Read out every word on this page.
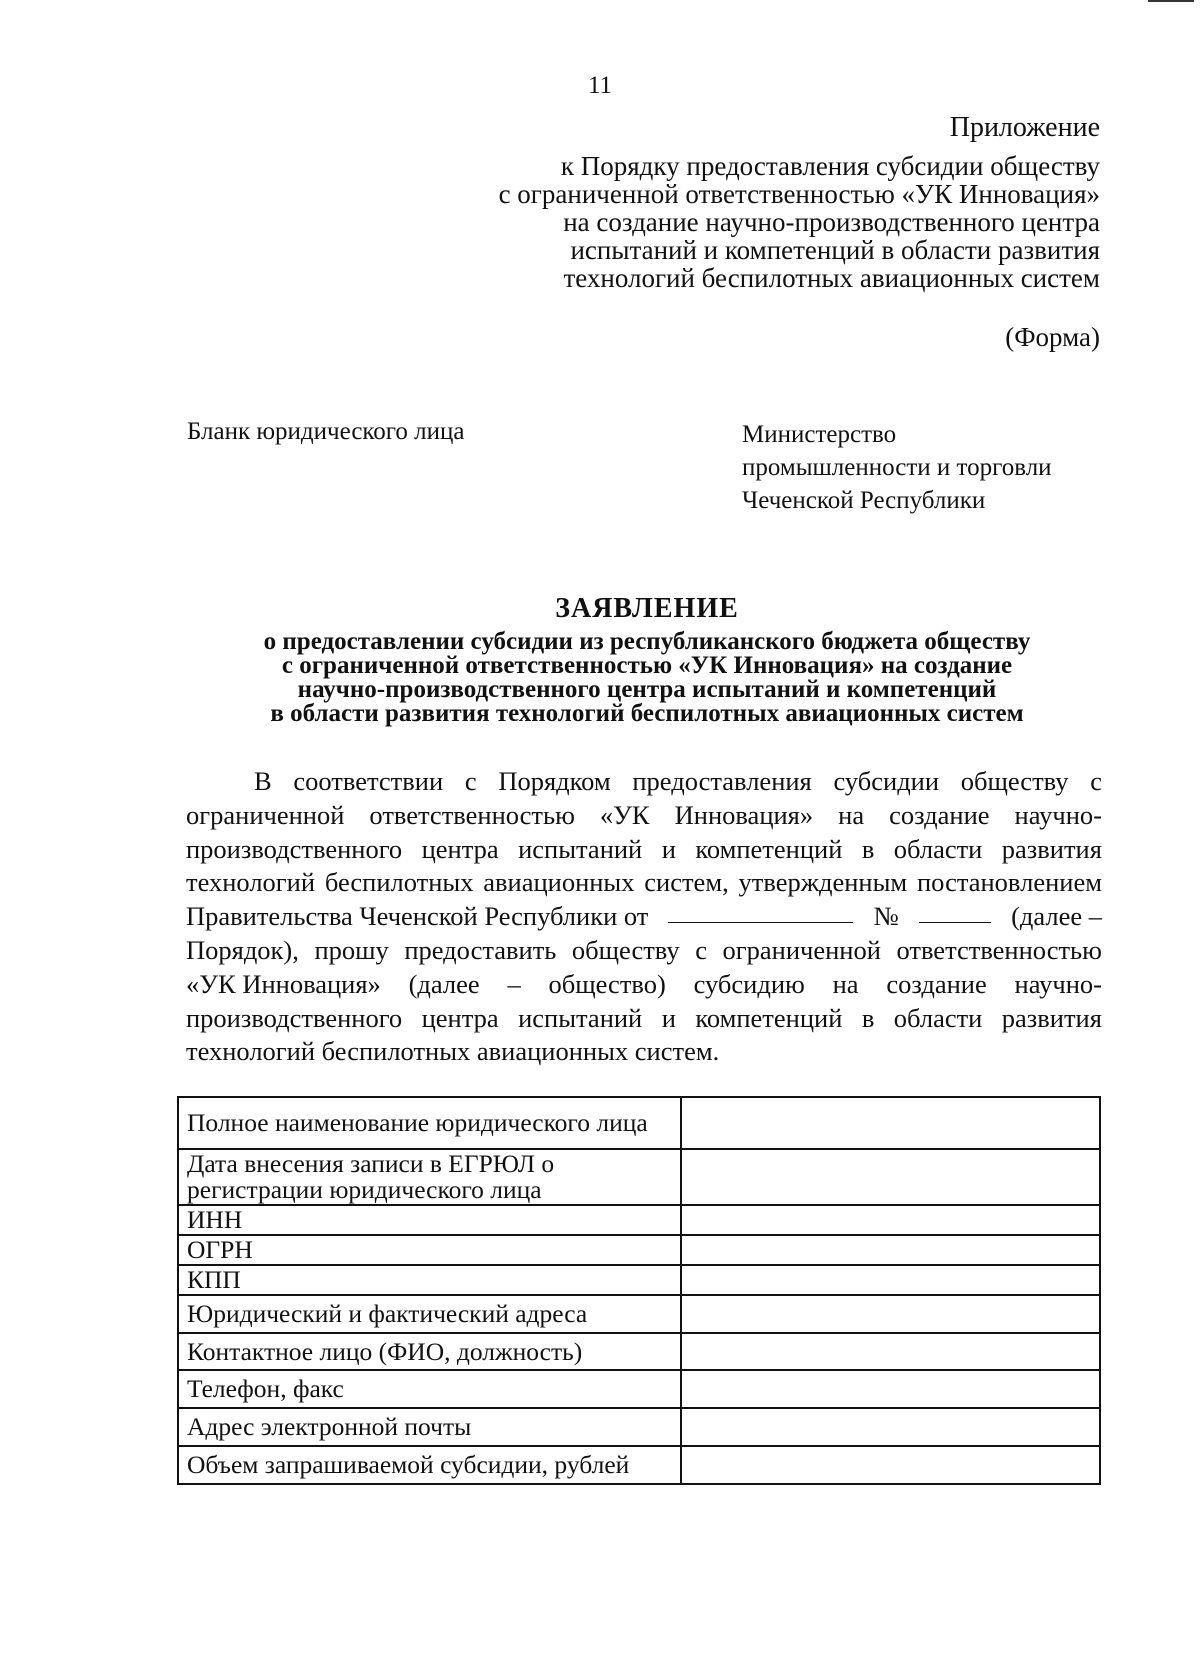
11
Приложение
к Порядку предоставления субсидии обществу
с ограниченной ответственностью «УК Инновация»
на создание научно-производственного центра
испытаний и компетенций в области развития
технологий беспилотных авиационных систем
(Форма)
Бланк юридического лица	Министерство
промышленности и торговли
Чеченской Республики
ЗАЯВЛЕНИЕ
о предоставлении субсидии из республиканского бюджета обществу
с ограниченной ответственностью «УК Инновация» на создание
научно-производственного центра испытаний и компетенций
в области развития технологий беспилотных авиационных систем
В соответствии с Порядком предоставления субсидии обществу с
ограниченной ответственностью «УК Инновация» на создание научно-
производственного центра испытаний и компетенций в области развития
технологий беспилотных авиационных систем, утвержденным постановлением
Правительства Чеченской Республики от	№	(далее –
Порядок), прошу предоставить обществу с ограниченной ответственностью
«УК Инновация» (далее – общество) субсидию на создание научно-
производственного центра испытаний и компетенций в области развития
технологий беспилотных авиационных систем.
Полное наименование юридического лица	
Дата внесения записи в ЕГРЮЛ о регистрации юридического лица	
ИНН	
ОГРН	
КПП	
Юридический и фактический адреса	
Контактное лицо (ФИО, должность)	
Телефон, факс	
Адрес электронной почты	
Объем запрашиваемой субсидии, рублей	
